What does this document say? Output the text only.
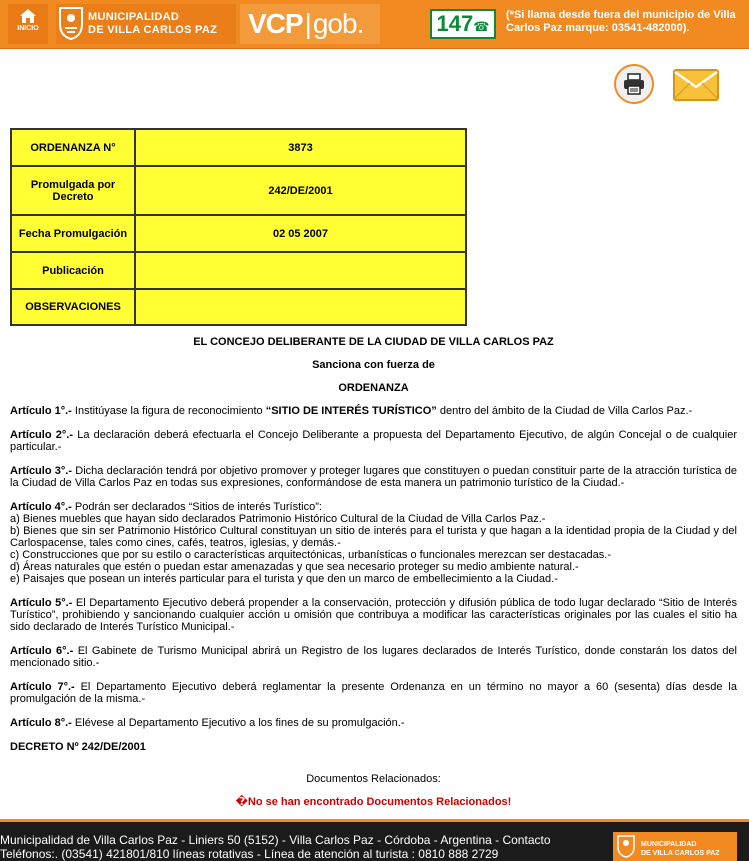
INICIO
MUNICIPALIDAD
DE VILLA CARLOS PAZ VCP|gob.	147☎
(*Si llama desde fuera del municipio de Villa Carlos Paz marque: 03541-482000).
ORDENANZA N°	3873
Promulgada por Decreto	242/DE/2001
Fecha Promulgación	02 05 2007
Publicación	
OBSERVACIONES	
EL CONCEJO DELIBERANTE DE LA CIUDAD DE VILLA CARLOS PAZ
Sanciona con fuerza de
ORDENANZA

Artículo 1°.- Institúyase la figura de reconocimiento “SITIO DE INTERÉS TURÍSTICO” dentro del ámbito de la Ciudad de Villa Carlos Paz.-

Artículo 2°.- La declaración deberá efectuarla el Concejo Deliberante a propuesta del Departamento Ejecutivo, de algún Concejal o de cualquier particular.-

Artículo 3°.- Dicha declaración tendrá por objetivo promover y proteger lugares que constituyen o puedan constituir parte de la atracción turística de la Ciudad de Villa Carlos Paz en todas sus expresiones, conformándose de esta manera un patrimonio turístico de la Ciudad.-

Artículo 4°.- Podrán ser declarados “Sitios de interés Turístico”:

a) Bienes muebles que hayan sido declarados Patrimonio Histórico Cultural de la Ciudad de Villa Carlos Paz.-

b) Bienes que sin ser Patrimonio Histórico Cultural constituyan un sitio de interés para el turista y que hagan a la identidad propia de la Ciudad y del Carlospacense, tales como cines, cafés, teatros, iglesias, y demás.-

c) Construcciones que por su estilo o características arquitectónicas, urbanísticas o funcionales merezcan ser destacadas.-

d) Áreas naturales que estén o puedan estar amenazadas y que sea necesario proteger su medio ambiente natural.-

e) Paisajes que posean un interés particular para el turista y que den un marco de embellecimiento a la Ciudad.-

Artículo 5°.- El Departamento Ejecutivo deberá propender a la conservación, protección y difusión pública de todo lugar declarado “Sitio de Interés Turístico”, prohibiendo y sancionando cualquier acción u omisión que contribuya a modificar las características originales por las cuales el sitio ha sido declarado de Interés Turístico Municipal.-

Artículo 6°.- El Gabinete de Turismo Municipal abrirá un Registro de los lugares declarados de Interés Turístico, donde constarán los datos del mencionado sitio.-

Artículo 7°.- El Departamento Ejecutivo deberá reglamentar la presente Ordenanza en un término no mayor a 60 (sesenta) días desde la promulgación de la misma.-

Artículo 8°.- Elévese al Departamento Ejecutivo a los fines de su promulgación.-

DECRETO Nº 242/DE/2001

Documentos Relacionados:
�No se han encontrado Documentos Relacionados!
Municipalidad de Villa Carlos Paz - Liniers 50 (5152) - Villa Carlos Paz - Córdoba - Argentina - Contacto
Teléfonos:. (03541) 421801/810 líneas rotativas - Línea de atención al turista : 0810 888 2729
MUNICIPALIDAD
DE VILLA CARLOS PAZ
